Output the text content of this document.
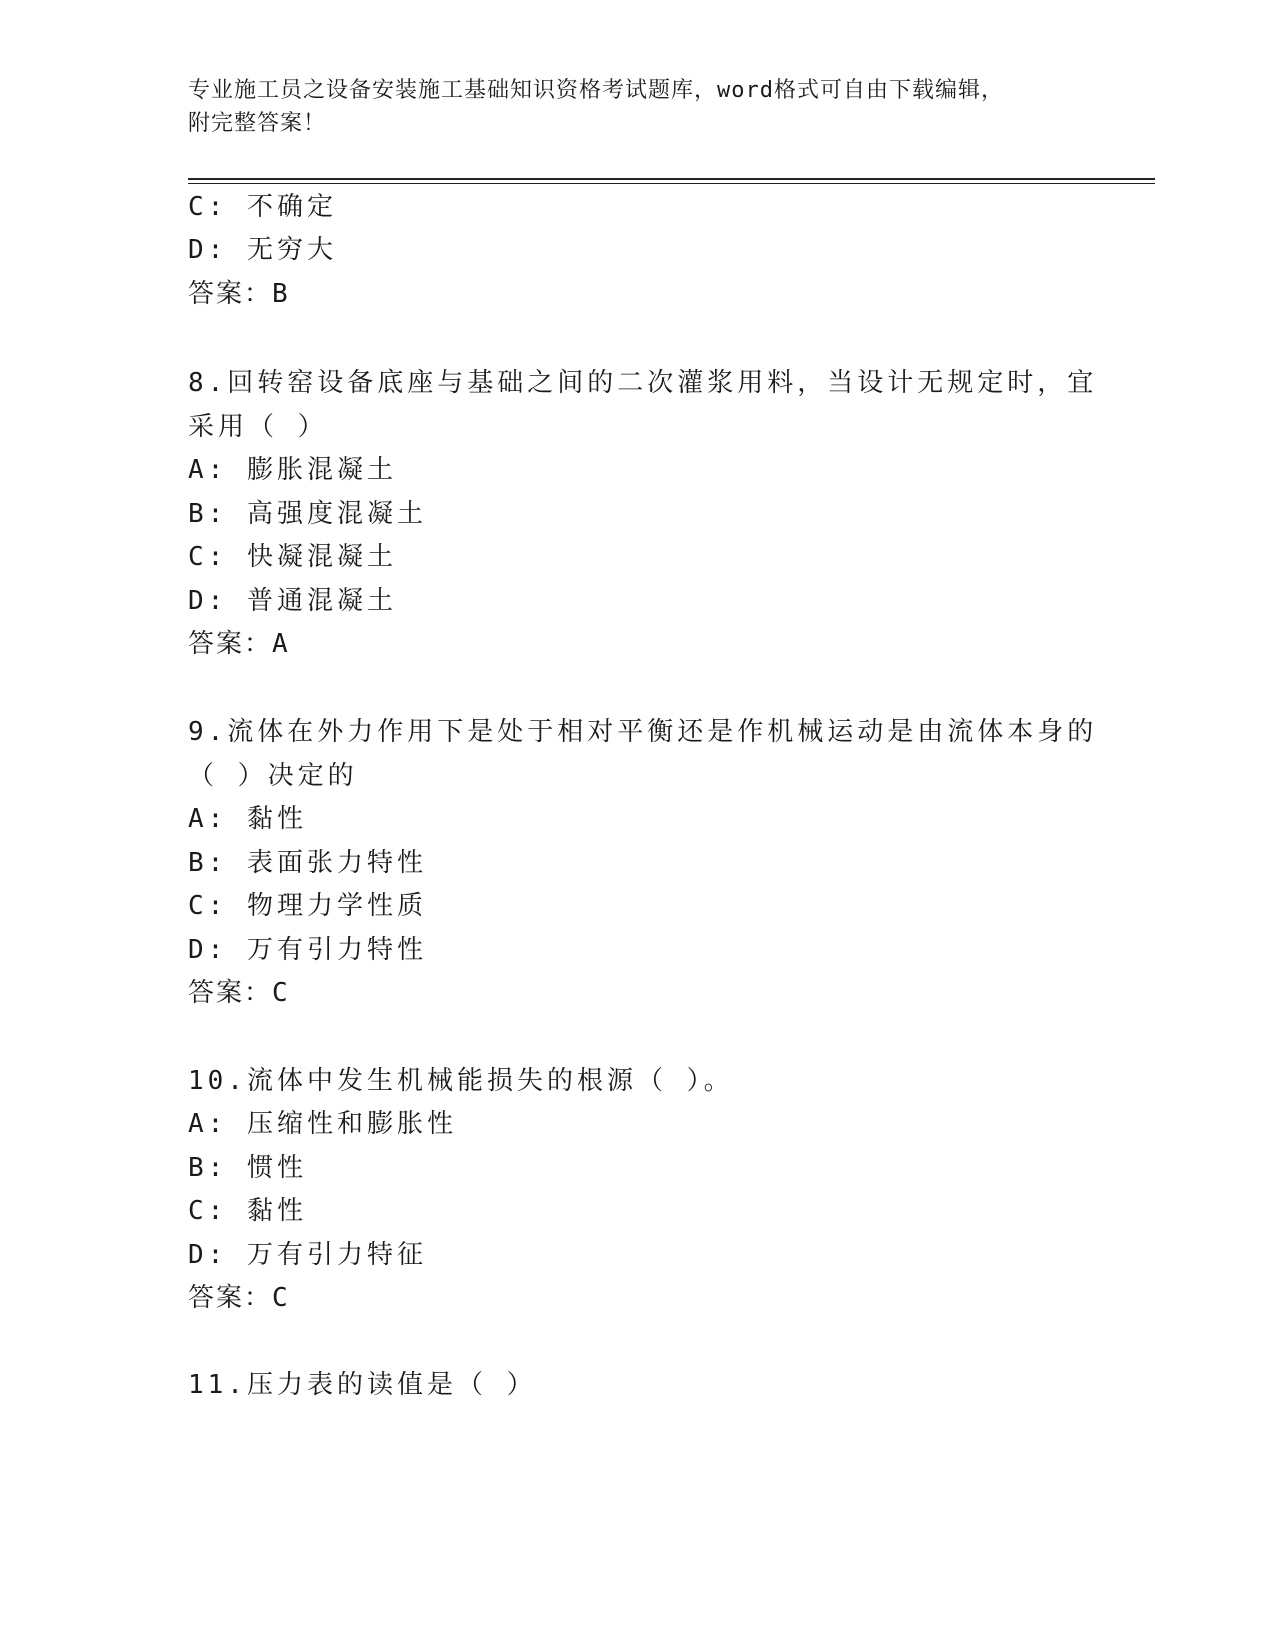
专业施工员之设备安装施工基础知识资格考试题库，word格式可自由下载编辑，
附完整答案！
C: 不确定
D: 无穷大
答案：B
8.回转窑设备底座与基础之间的二次灌浆用料，当设计无规定时，宜
采用（ ）
A: 膨胀混凝土
B: 高强度混凝土
C: 快凝混凝土
D: 普通混凝土
答案：A
9.流体在外力作用下是处于相对平衡还是作机械运动是由流体本身的
（ ）决定的
A: 黏性
B: 表面张力特性
C: 物理力学性质
D: 万有引力特性
答案：C
10.流体中发生机械能损失的根源（ ）。
A: 压缩性和膨胀性
B: 惯性
C: 黏性
D: 万有引力特征
答案：C
11.压力表的读值是（ ）
